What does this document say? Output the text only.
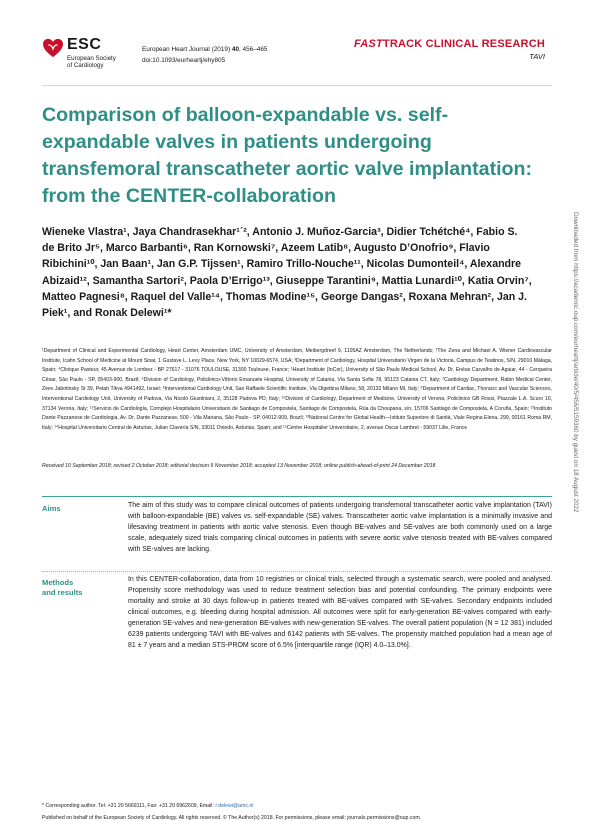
ESC
European Society
of Cardiology
European Heart Journal (2019) 40, 456–465
doi:10.1093/eurheartj/ehy805
FASTTRACK CLINICAL RESEARCH
TAVI
Comparison of balloon-expandable vs. self-expandable valves in patients undergoing transfemoral transcatheter aortic valve implantation: from the CENTER-collaboration
Wieneke Vlastra¹, Jaya Chandrasekhar¹ˊ², Antonio J. Muñoz-Garcia³, Didier Tchétché⁴, Fabio S. de Brito Jr⁵, Marco Barbanti⁶, Ran Kornowski⁷, Azeem Latib⁸, Augusto D’Onofrio⁹, Flavio Ribichini¹⁰, Jan Baan¹, Jan G.P. Tijssen¹, Ramiro Trillo-Nouche¹¹, Nicolas Dumonteil⁴, Alexandre Abizaid¹², Samantha Sartori², Paola D’Errigo¹³, Giuseppe Tarantini⁹, Mattia Lunardi¹⁰, Katia Orvin⁷, Matteo Pagnesi⁸, Raquel del Valle¹⁴, Thomas Modine¹⁵, George Dangas², Roxana Mehran², Jan J. Piek¹, and Ronak Delewi¹*
¹Department of Clinical and Experimental Cardiology, Heart Center, Amsterdam UMC, University of Amsterdam, Meibergdreef 9, 1105AZ Amsterdam, The Netherlands; ²The Zena and Michael A. Wiener Cardiovascular Institute, Icahn School of Medicine at Mount Sinai, 1 Gustave L. Levy Place, New York, NY 10029-6574, USA; ³Department of Cardiology, Hospital Universitario Virgen de la Victoria, Campus de Teatinos, S/N, 29010 Málaga, Spain; ⁴Clinique Pasteur, 45 Avenue de Lombez - BP 27617 - 31076 TOULOUSE, 31300 Toulouse, France; ⁵Heart Institute (InCor), University of São Paulo Medical School, Av. Dr. Enéas Carvalho de Aguiar, 44 - Cerqueira César, São Paulo - SP, 05403-900, Brazil; ⁶Division of Cardiology, Policlinico-Vittorio Emanuele Hospital, University of Catania, Via Santa Sofia 78, 95123 Catania CT, Italy; ⁷Cardiology Department, Rabin Medical Center, Zeev Jabotinsky St 39, Petah Tikva 4941492, Israel; ⁸Interventional Cardiology Unit, San Raffaele Scientific Institute, Via Olgettina Milano, 58, 20132 Milano MI, Italy; ⁹Department of Cardiac, Thoracic and Vascular Sciences, Interventional Cardiology Unit, University of Padova, Via Nicolò Giustiniani, 2, 35128 Padova PD, Italy; ¹⁰Division of Cardiology, Department of Medicine, University of Verona, Policlinico GB Rossi, Piazzale L.A. Scuro 10, 37134 Verona, Italy; ¹¹Servicio de Cardiología, Complejo Hospitalario Universitario de Santiago de Compostela, Santiago de Compostela, Rúa da Choupana, s/n, 15706 Santiago de Compostela, A Coruña, Spain; ¹²Instituto Dante Pazzanese de Cardiologia, Av. Dr. Dante Pazzanese, 500 - Vila Mariana, São Paulo - SP, 04012-909, Brazil; ¹³National Centre for Global Health—Istituto Superiore di Sanità, Viale Regina Elena, 299, 00161 Roma RM, Italy; ¹⁴Hospital Universitario Central de Asturias, Julian Clavería S/N, 33011 Oviedo, Asturias, Spain; and ¹⁵Centre Hospitalier Universitaire, 2, avenue Oscar Lambret - 59037 Lille, France
Received 10 September 2018; revised 2 October 2018; editorial decision 9 November 2018; accepted 13 November 2018; online publish-ahead-of-print 24 December 2018
Aims	The aim of this study was to compare clinical outcomes of patients undergoing transfemoral transcatheter aortic valve implantation (TAVI) with balloon-expandable (BE) valves vs. self-expandable (SE) valves. Transcatheter aortic valve implantation is a minimally invasive and lifesaving treatment in patients with aortic valve stenosis. Even though BE-valves and SE-valves are both commonly used on a large scale, adequately sized trials comparing clinical outcomes in patients with severe aortic valve stenosis treated with BE-valves compared with SE-valves are lacking.
Methods
and results
In this CENTER-collaboration, data from 10 registries or clinical trials, selected through a systematic search, were pooled and analysed. Propensity score methodology was used to reduce treatment selection bias and potential confounding. The primary endpoints were mortality and stroke at 30 days follow-up in patients treated with BE-valves compared with SE-valves. Secondary endpoints included clinical outcomes, e.g. bleeding during hospital admission. All outcomes were split for early-generation BE-valves compared with early-generation SE-valves and new-generation BE-valves with new-generation SE-valves. The overall patient population (N = 12 381) included 6239 patients undergoing TAVI with BE-valves and 6142 patients with SE-valves. The propensity matched population had a mean age of 81 ± 7 years and a median STS-PROM score of 6.5% [interquartile range (IQR) 4.0–13.0%].
* Corresponding author. Tel: +31 20 5669111, Fax: +31 20 6962609, Email: r.delewi@amc.nl
Published on behalf of the European Society of Cardiology. All rights reserved. © The Author(s) 2018. For permissions, please email: journals.permissions@oup.com.
Downloaded from https://academic.oup.com/eurheartj/article/40/5/456/5159360 by guest on 18 August 2022
